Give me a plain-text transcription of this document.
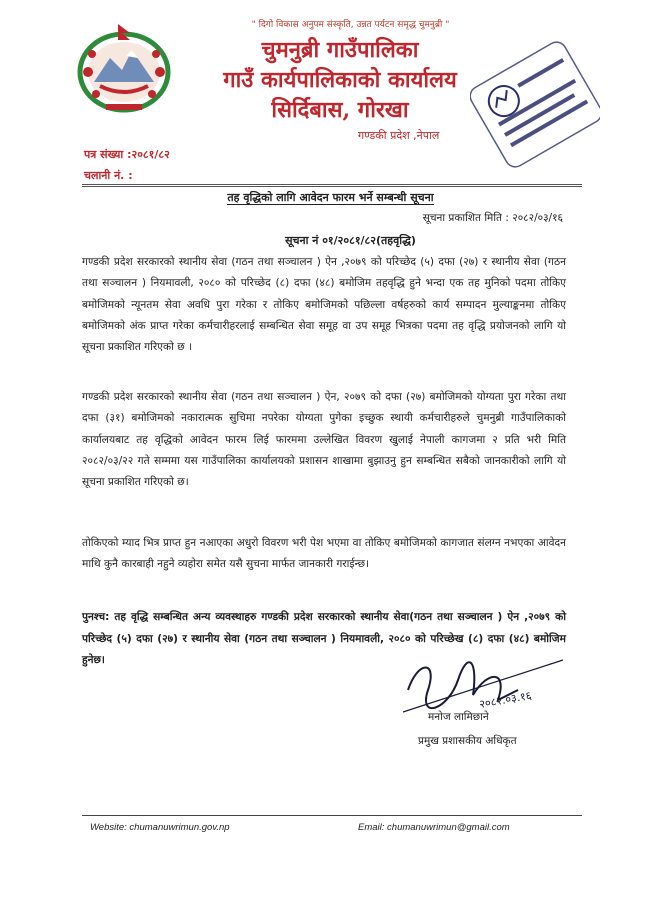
" दिगो विकास अनुपम संस्कृति, उन्नत पर्यटन समृद्ध चुमनुब्री "
चुमनुब्री गाउँपालिका
गाउँ कार्यपालिकाको कार्यालय
सिर्दिबास, गोरखा
गण्डकी प्रदेश ,नेपाल
पत्र संख्या :२०८१/८२
चलानी नं. :
तह वृद्धिको लागि आवेदन फारम भर्ने सम्बन्धी सूचना
सूचना प्रकाशित मिति : २०८२/०३/१६
सूचना नं ०१/२०८१/८२(तहवृद्धि)
गण्डकी प्रदेश सरकारको स्थानीय सेवा (गठन तथा सञ्चालन ) ऐन ,२०७९ को परिच्छेद (५) दफा (२७) र स्थानीय सेवा (गठन तथा सञ्चालन ) नियमावली, २०८० को परिच्छेद (८) दफा (४८) बमोजिम तहवृद्धि हुने भन्दा एक तह मुनिको पदमा तोकिए बमोजिमको न्यूनतम सेवा अवधि पुरा गरेका र तोकिए बमोजिमको पछिल्ला वर्षहरुको कार्य सम्पादन मुल्याङ्कनमा तोकिए बमोजिमको अंक प्राप्त गरेका कर्मचारीहरलाई सम्बन्धित सेवा समूह वा उप समूह भित्रका पदमा तह वृद्धि प्रयोजनको लागि यो सूचना प्रकाशित गरिएको छ ।
गण्डकी प्रदेश सरकारको स्थानीय सेवा (गठन तथा सञ्चालन ) ऐन, २०७९ को दफा (२७) बमोजिमको योग्यता पुरा गरेका तथा दफा (३१) बमोजिमको नकारात्मक सुचिमा नपरेका योग्यता पुगेका इच्छुक स्थायी कर्मचारीहरुले चुमनुब्री गाउँपालिकाको कार्यालयबाट तह वृद्धिको आवेदन फारम लिई फारममा उल्लेखित विवरण खुलाई नेपाली कागजमा २ प्रति भरी मिति २०८२/०३/२२ गते सम्ममा यस गाउँपालिका कार्यालयको प्रशासन शाखामा बुझाउनु हुन सम्बन्धित सबैको जानकारीको लागि यो सूचना प्रकाशित गरिएको छ।
तोकिएको म्याद भित्र प्राप्त हुन नआएका अधुरो विवरण भरी पेश भएमा वा तोकिए बमोजिमको कागजात संलग्न नभएका आवेदन माथि कुनै कारबाही नहुने व्यहोरा समेत यसै सुचना मार्फत जानकारी गराईन्छ।
पुनश्च: तह वृद्धि सम्बन्धित अन्य व्यवस्थाहरु गण्डकी प्रदेश सरकारको स्थानीय सेवा(गठन तथा सञ्चालन ) ऐन ,२०७९ को परिच्छेद (५) दफा (२७) र स्थानीय सेवा (गठन तथा सञ्चालन ) नियमावली, २०८० को परिच्छेख (८) दफा (४८) बमोजिम हुनेछ।
२०८२.०३.१६
मनोज लामिछाने
प्रमुख प्रशासकीय अधिकृत
Website: chumanuwrimun.gov.np	Email: chumanuwrimun@gmail.com
